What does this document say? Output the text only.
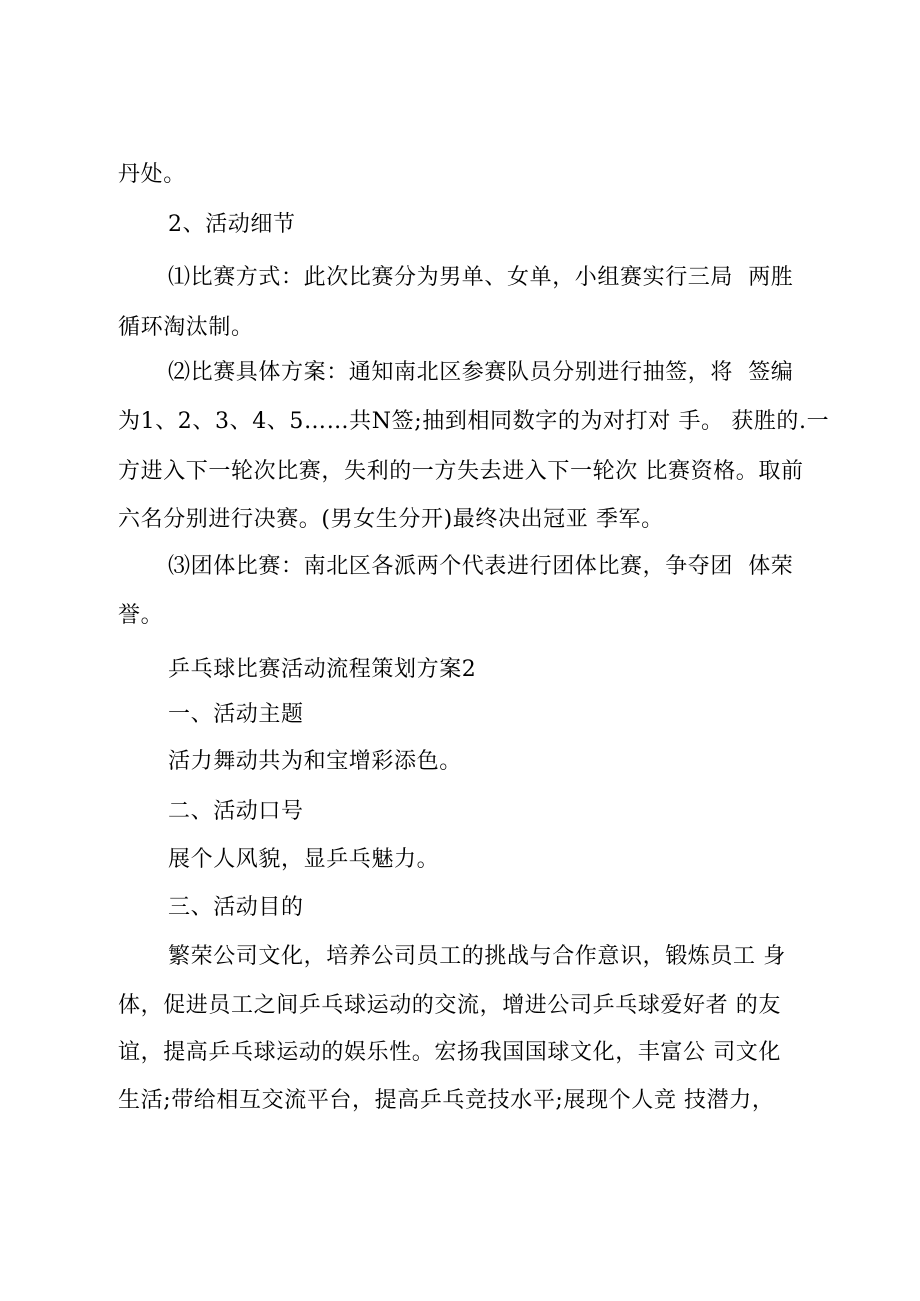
丹处。
2、活动细节
⑴比赛方式：此次比赛分为男单、女单，小组赛实行三局  两胜
循环淘汰制。
⑵比赛具体方案：通知南北区参赛队员分别进行抽签，将  签编
为1、2、3、4、5……共N签;抽到相同数字的为对打对 手。 获胜的.一
方进入下一轮次比赛，失利的一方失去进入下一轮次 比赛资格。取前
六名分别进行决赛。(男女生分开)最终决出冠亚 季军。
⑶团体比赛：南北区各派两个代表进行团体比赛，争夺团  体荣
誉。
乒乓球比赛活动流程策划方案2
一、活动主题
活力舞动共为和宝增彩添色。
二、活动口号
展个人风貌，显乒乓魅力。
三、活动目的
繁荣公司文化，培养公司员工的挑战与合作意识，锻炼员工 身
体，促进员工之间乒乓球运动的交流，增进公司乒乓球爱好者 的友
谊，提高乒乓球运动的娱乐性。宏扬我国国球文化，丰富公 司文化
生活;带给相互交流平台，提高乒乓竞技水平;展现个人竞 技潜力，
